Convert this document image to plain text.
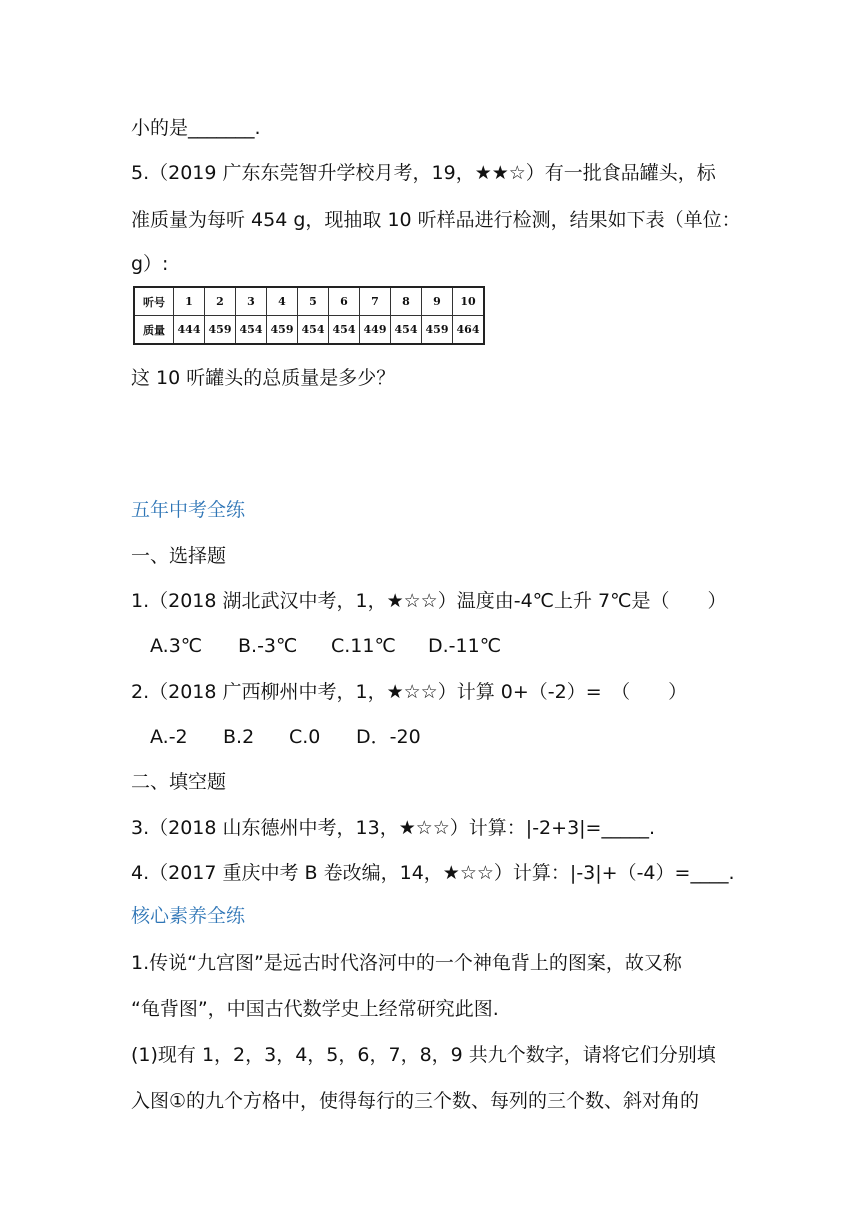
小的是_______.
5.（2019 广东东莞智升学校月考，19，★★☆）有一批食品罐头，标
准质量为每听 454 g，现抽取 10 听样品进行检测，结果如下表（单位：
g）:
听号	1	2	3	4	5	6	7	8	9	10
质量	444	459	454	459	454	454	449	454	459	464
这 10 听罐头的总质量是多少？
五年中考全练
一、选择题
1.（2018 湖北武汉中考，1，★☆☆）温度由-4℃上升 7℃是（　　）
A.3℃ B.-3℃ C.11℃ D.-11℃
2.（2018 广西柳州中考，1，★☆☆）计算 0+（-2）=　（　　）
A.-2 B.2 C.0 D．-20
二、填空题
3.（2018 山东德州中考，13，★☆☆）计算：|-2+3|=_____.
4.（2017 重庆中考 B 卷改编，14，★☆☆）计算：|-3|+（-4）=____.
核心素养全练
1.传说“九宫图”是远古时代洛河中的一个神龟背上的图案，故又称
“龟背图”，中国古代数学史上经常研究此图.
(1)现有 1，2，3，4，5，6，7，8，9 共九个数字，请将它们分别填
入图①的九个方格中，使得每行的三个数、每列的三个数、斜对角的
